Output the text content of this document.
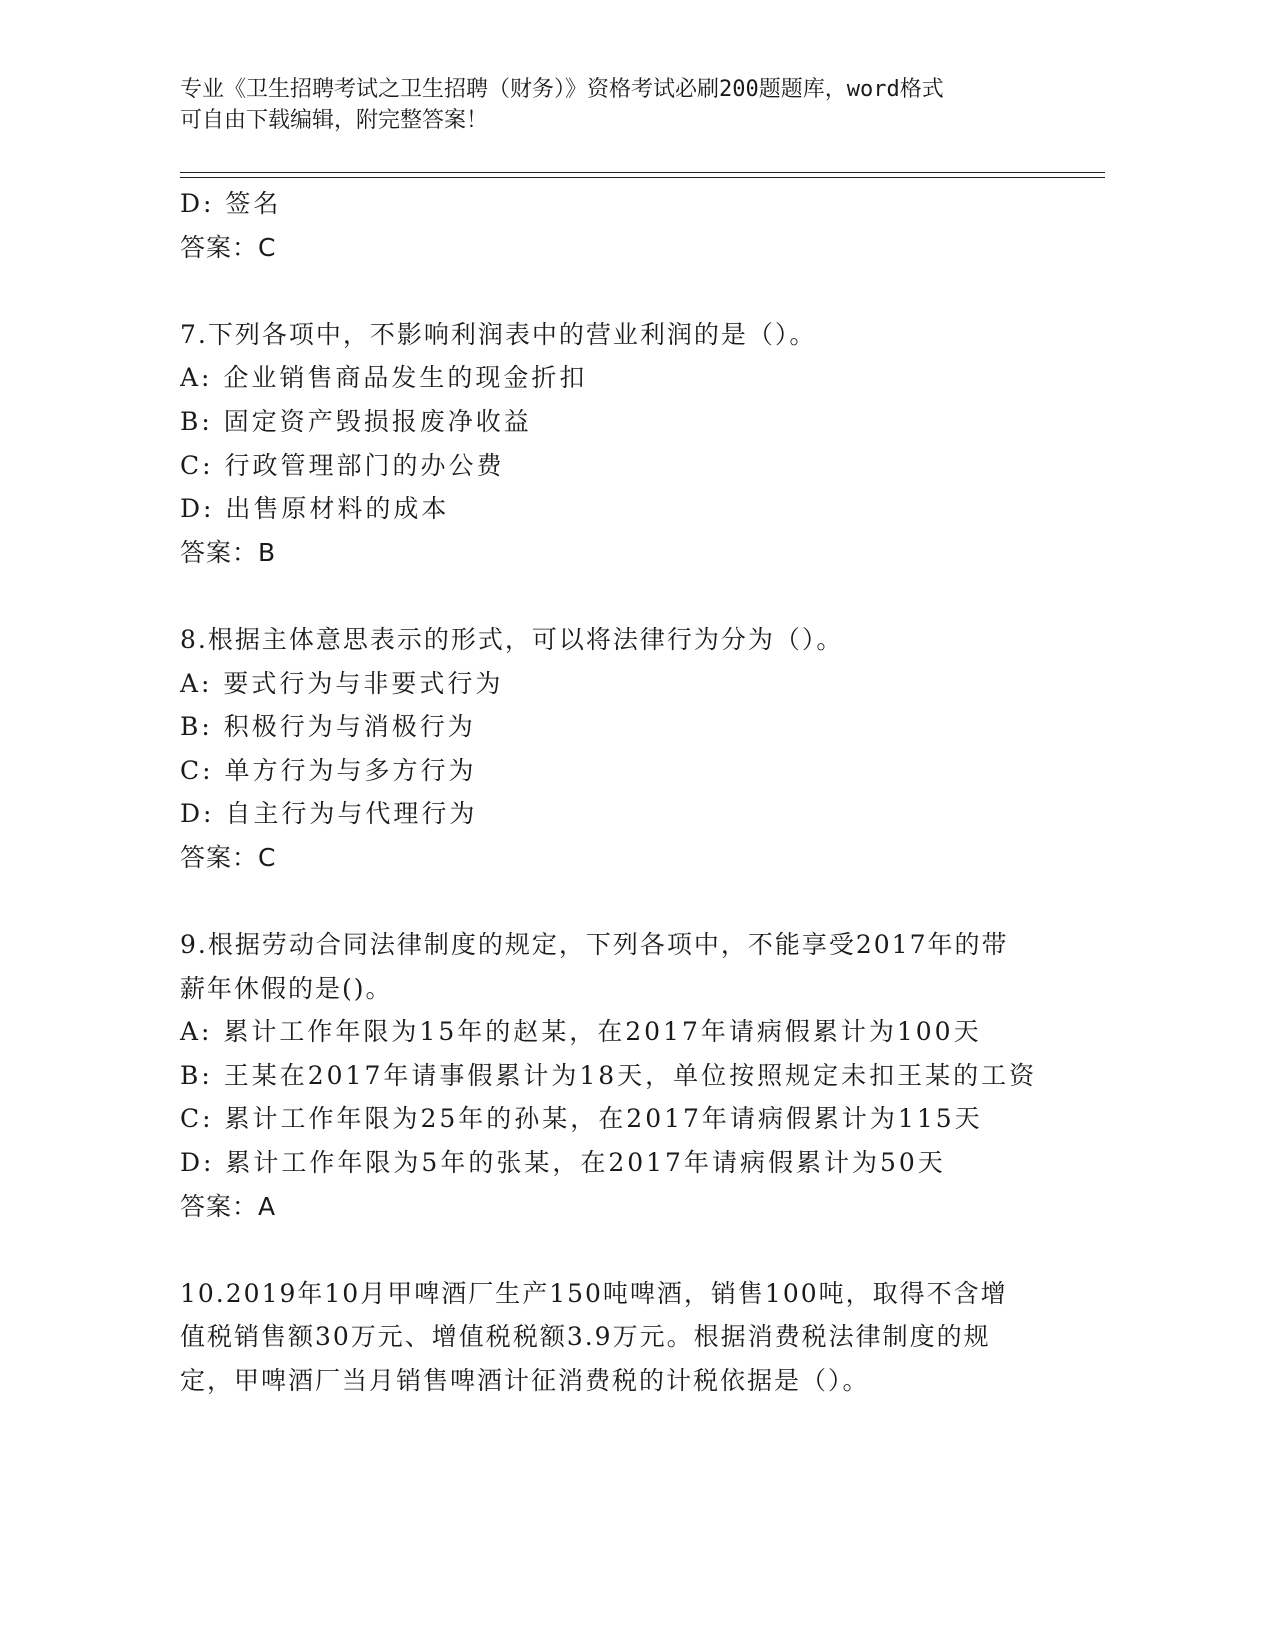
专业《卫生招聘考试之卫生招聘（财务）》资格考试必刷200题题库，word格式
可自由下载编辑，附完整答案！
D: 签名
答案：C
7.下列各项中，不影响利润表中的营业利润的是（）。
A: 企业销售商品发生的现金折扣
B: 固定资产毁损报废净收益
C: 行政管理部门的办公费
D: 出售原材料的成本
答案：B
8.根据主体意思表示的形式，可以将法律行为分为（）。
A: 要式行为与非要式行为
B: 积极行为与消极行为
C: 单方行为与多方行为
D: 自主行为与代理行为
答案：C
9.根据劳动合同法律制度的规定，下列各项中，不能享受2017年的带
薪年休假的是()。
A: 累计工作年限为15年的赵某，在2017年请病假累计为100天
B: 王某在2017年请事假累计为18天，单位按照规定未扣王某的工资
C: 累计工作年限为25年的孙某，在2017年请病假累计为115天
D: 累计工作年限为5年的张某，在2017年请病假累计为50天
答案：A
10.2019年10月甲啤酒厂生产150吨啤酒，销售100吨，取得不含增
值税销售额30万元、增值税税额3.9万元。根据消费税法律制度的规
定，甲啤酒厂当月销售啤酒计征消费税的计税依据是（）。
